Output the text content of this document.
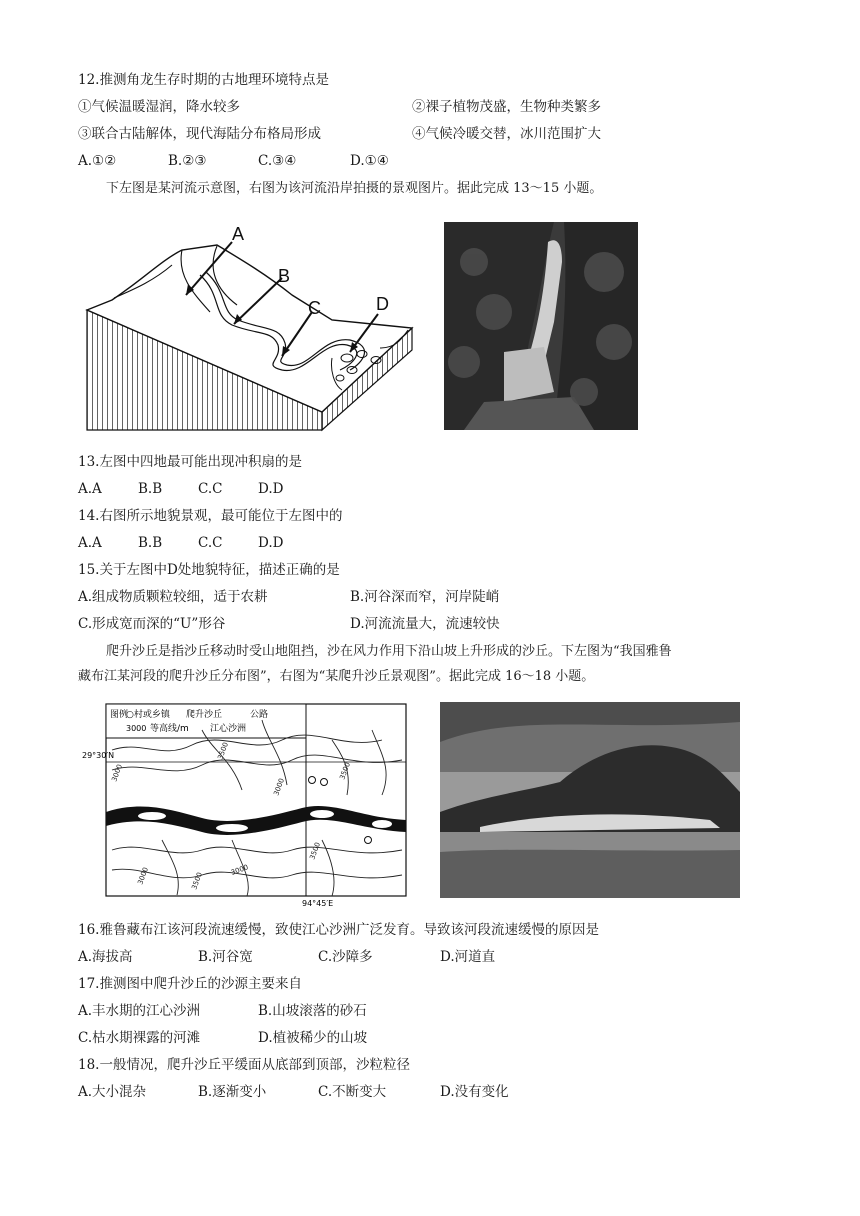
12.推测角龙生存时期的古地理环境特点是
①气候温暖湿润，降水较多	②裸子植物茂盛，生物种类繁多
③联合古陆解体，现代海陆分布格局形成	④气候冷暖交替，冰川范围扩大
A.①②	B.②③	C.③④	D.①④
下左图是某河流示意图，右图为该河流沿岸拍摄的景观图片。据此完成 13～15 小题。
A
B
C	D
13.左图中四地最可能出现冲积扇的是
A.A	B.B	C.C	D.D
14.右图所示地貌景观，最可能位于左图中的
A.A	B.B	C.C	D.D
15.关于左图中D处地貌特征，描述正确的是
A.组成物质颗粒较细，适于农耕	B.河谷深而窄，河岸陡峭
C.形成宽而深的“U”形谷	D.河流流量大，流速较快
爬升沙丘是指沙丘移动时受山地阻挡，沙在风力作用下沿山坡上升形成的沙丘。下左图为“我国雅鲁
藏布江某河段的爬升沙丘分布图”，右图为“某爬升沙丘景观图”。据此完成 16～18 小题。
图例
○村或乡镇 爬升沙丘	公路
3000 等高线/m 江心沙洲
29°30′N
94°45′E
3000
3500
3000
3500
3000	3500
3500
3000
16.雅鲁藏布江该河段流速缓慢，致使江心沙洲广泛发育。导致该河段流速缓慢的原因是
A.海拔高	B.河谷宽	C.沙障多	D.河道直
17.推测图中爬升沙丘的沙源主要来自
A.丰水期的江心沙洲	B.山坡滚落的砂石
C.枯水期裸露的河滩	D.植被稀少的山坡
18.一般情况，爬升沙丘平缓面从底部到顶部，沙粒粒径
A.大小混杂	B.逐渐变小	C.不断变大	D.没有变化
